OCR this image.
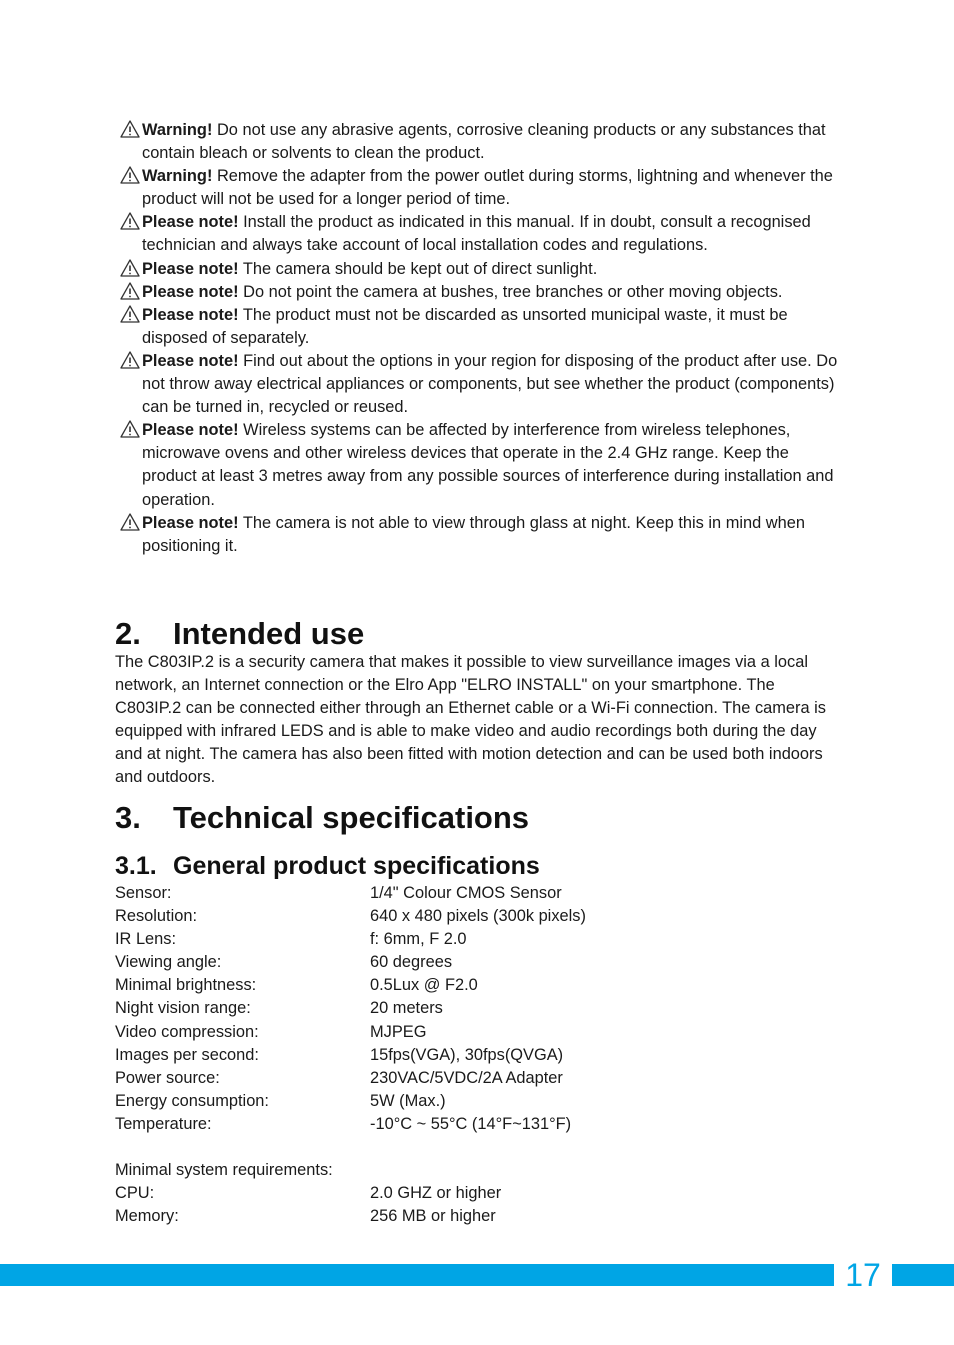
Warning! Do not use any abrasive agents, corrosive cleaning products or any substances that contain bleach or solvents to clean the product.
Warning! Remove the adapter from the power outlet during storms, lightning and whenever the product will not be used for a longer period of time.
Please note! Install the product as indicated in this manual. If in doubt, consult a recognised technician and always take account of local installation codes and regulations.
Please note! The camera should be kept out of direct sunlight.
Please note! Do not point the camera at bushes, tree branches or other moving objects.
Please note! The product must not be discarded as unsorted municipal waste, it must be disposed of separately.
Please note! Find out about the options in your region for disposing of the product after use. Do not throw away electrical appliances or components, but see whether the product (components) can be turned in, recycled or reused.
Please note! Wireless systems can be affected by interference from wireless telephones, microwave ovens and other wireless devices that operate in the 2.4 GHz range. Keep the product at least 3 metres away from any possible sources of interference during installation and operation.
Please note! The camera is not able to view through glass at night. Keep this in mind when positioning it.
2. Intended use

The C803IP.2 is a security camera that makes it possible to view surveillance images via a local network, an Internet connection or the Elro App "ELRO INSTALL" on your smartphone. The C803IP.2 can be connected either through an Ethernet cable or a Wi-Fi connection. The camera is equipped with infrared LEDS and is able to make video and audio recordings both during the day and at night. The camera has also been fitted with motion detection and can be used both indoors and outdoors.

3. Technical specifications
3.1. General product specifications
Sensor:	1/4" Colour CMOS Sensor
Resolution:	640 x 480 pixels (300k pixels)
IR Lens:	f: 6mm, F 2.0
Viewing angle:	60 degrees
Minimal brightness:	0.5Lux @ F2.0
Night vision range:	20 meters
Video compression:	MJPEG
Images per second:	15fps(VGA), 30fps(QVGA)
Power source:	230VAC/5VDC/2A Adapter
Energy consumption:	5W (Max.)
Temperature:	-10°C ~ 55°C (14°F~131°F)
Minimal system requirements:
CPU:	2.0 GHZ or higher
Memory:	256 MB or higher
17
